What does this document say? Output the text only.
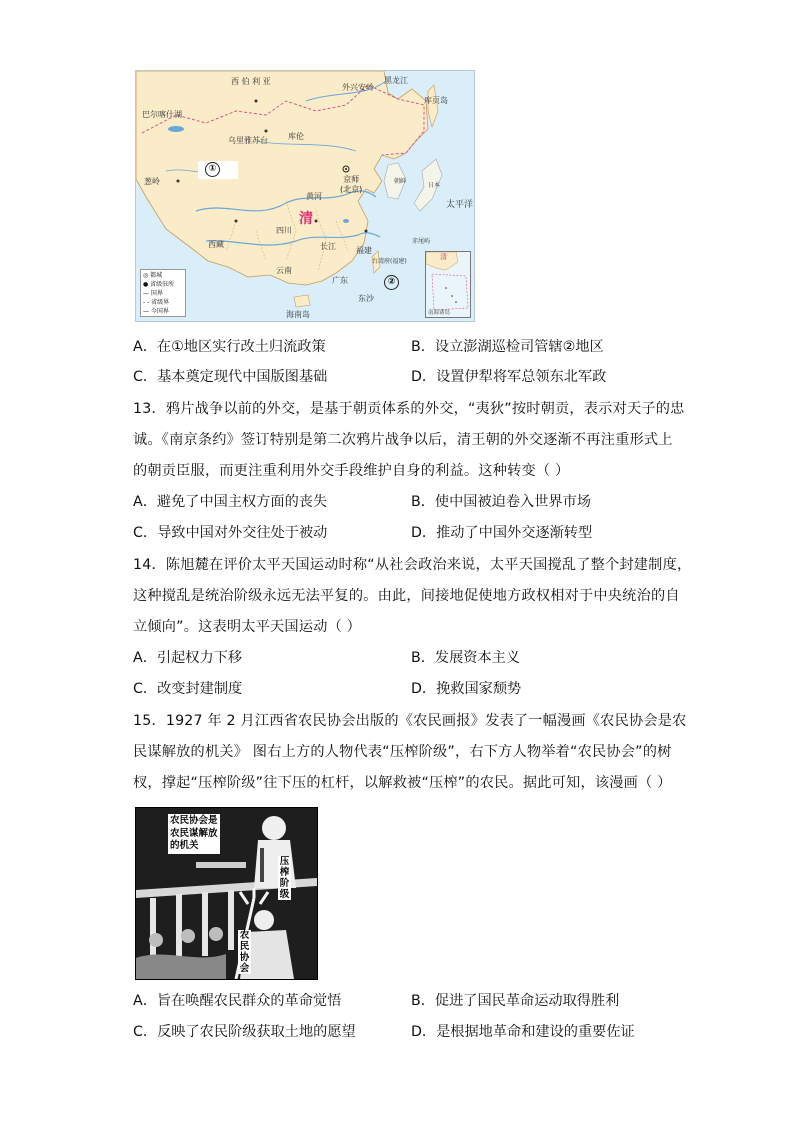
西 伯 利 亚
外兴安岭
黑龙江
库页岛
库伦
巴尔喀什湖
乌里雅苏台
葱岭
西藏
四川
云南
广东
黄河
长江
海南岛
东沙
台湾府(福建)
福建
太平洋
朝鲜
日本
赤尾屿
清
京师
(北京)
①
②
◎ 都城
● 省级驻所
— 国界
- - 省级界
— 今国界
清
南海诸岛
A．在①地区实行改土归流政策	B．设立澎湖巡检司管辖②地区
C．基本奠定现代中国版图基础	D．设置伊犁将军总领东北军政
13．鸦片战争以前的外交，是基于朝贡体系的外交，“夷狄”按时朝贡，表示对天子的忠
诚。《南京条约》签订特别是第二次鸦片战争以后，清王朝的外交逐渐不再注重形式上
的朝贡臣服，而更注重利用外交手段维护自身的利益。这种转变（ ）
A．避免了中国主权方面的丧失	B．使中国被迫卷入世界市场
C．导致中国对外交往处于被动	D．推动了中国外交逐渐转型
14．陈旭麓在评价太平天国运动时称“从社会政治来说，太平天国搅乱了整个封建制度，
这种搅乱是统治阶级永远无法平复的。由此，间接地促使地方政权相对于中央统治的自
立倾向”。这表明太平天国运动（ ）
A．引起权力下移	B．发展资本主义
C．改变封建制度	D．挽救国家颓势
15．1927 年 2 月江西省农民协会出版的《农民画报》发表了一幅漫画《农民协会是农
民谋解放的机关》 图右上方的人物代表“压榨阶级”，右下方人物举着“农民协会”的树
杈，撑起“压榨阶级”往下压的杠杆，以解救被“压榨”的农民。据此可知，该漫画（ ）
农民协会是农民谋解放的机关
压榨阶级
农民协会
A．旨在唤醒农民群众的革命觉悟	B．促进了国民革命运动取得胜利
C．反映了农民阶级获取土地的愿望	D．是根据地革命和建设的重要佐证
